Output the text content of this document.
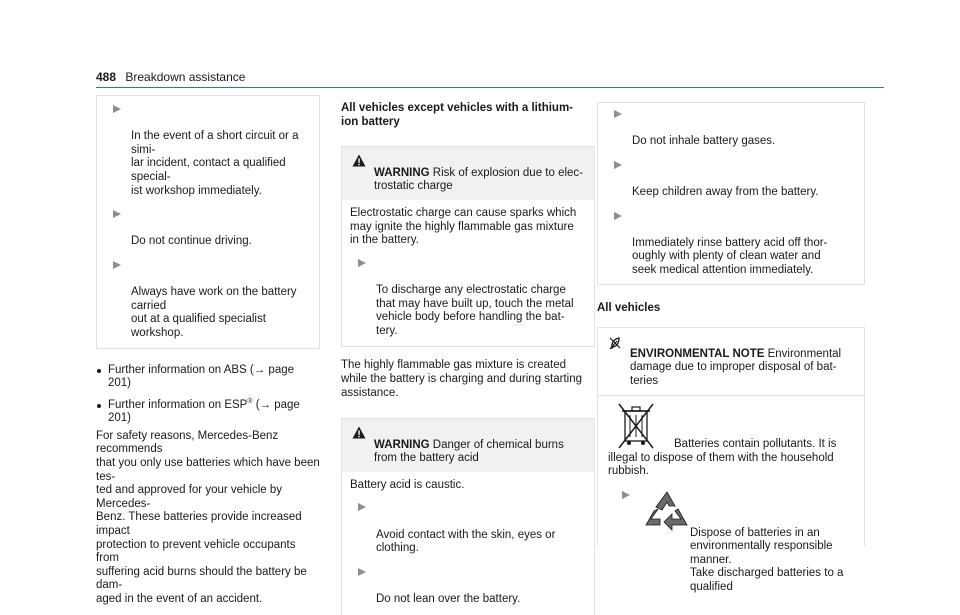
488 Breakdown assistance

In the event of a short circuit or a simi-
lar incident, contact a qualified special-
ist workshop immediately.

Do not continue driving.

Always have work on the battery carried
out at a qualified specialist workshop.

Further information on ABS (→ page 201)
Further information on ESP® (→ page 201)

For safety reasons, Mercedes-Benz recommends
that you only use batteries which have been tes-
ted and approved for your vehicle by Mercedes-
Benz. These batteries provide increased impact
protection to prevent vehicle occupants from
suffering acid burns should the battery be dam-
aged in the event of an accident.

All vehicles except vehicles with a lithium-
ion battery

WARNING Risk of explosion due to elec-
trostatic charge

Electrostatic charge can cause sparks which
may ignite the highly flammable gas mixture
in the battery.

To discharge any electrostatic charge
that may have built up, touch the metal
vehicle body before handling the bat-
tery.

The highly flammable gas mixture is created
while the battery is charging and during starting
assistance.

WARNING Danger of chemical burns
from the battery acid

Battery acid is caustic.

Avoid contact with the skin, eyes or
clothing.

Do not lean over the battery.

Do not inhale battery gases.

Keep children away from the battery.

Immediately rinse battery acid off thor-
oughly with plenty of clean water and
seek medical attention immediately.

All vehicles

ENVIRONMENTAL NOTE Environmental
damage due to improper disposal of bat-
teries

Batteries contain pollutants. It is

illegal to dispose of them with the household
rubbish.

Dispose of batteries in an
environmentally responsible manner.
Take discharged batteries to a qualified
